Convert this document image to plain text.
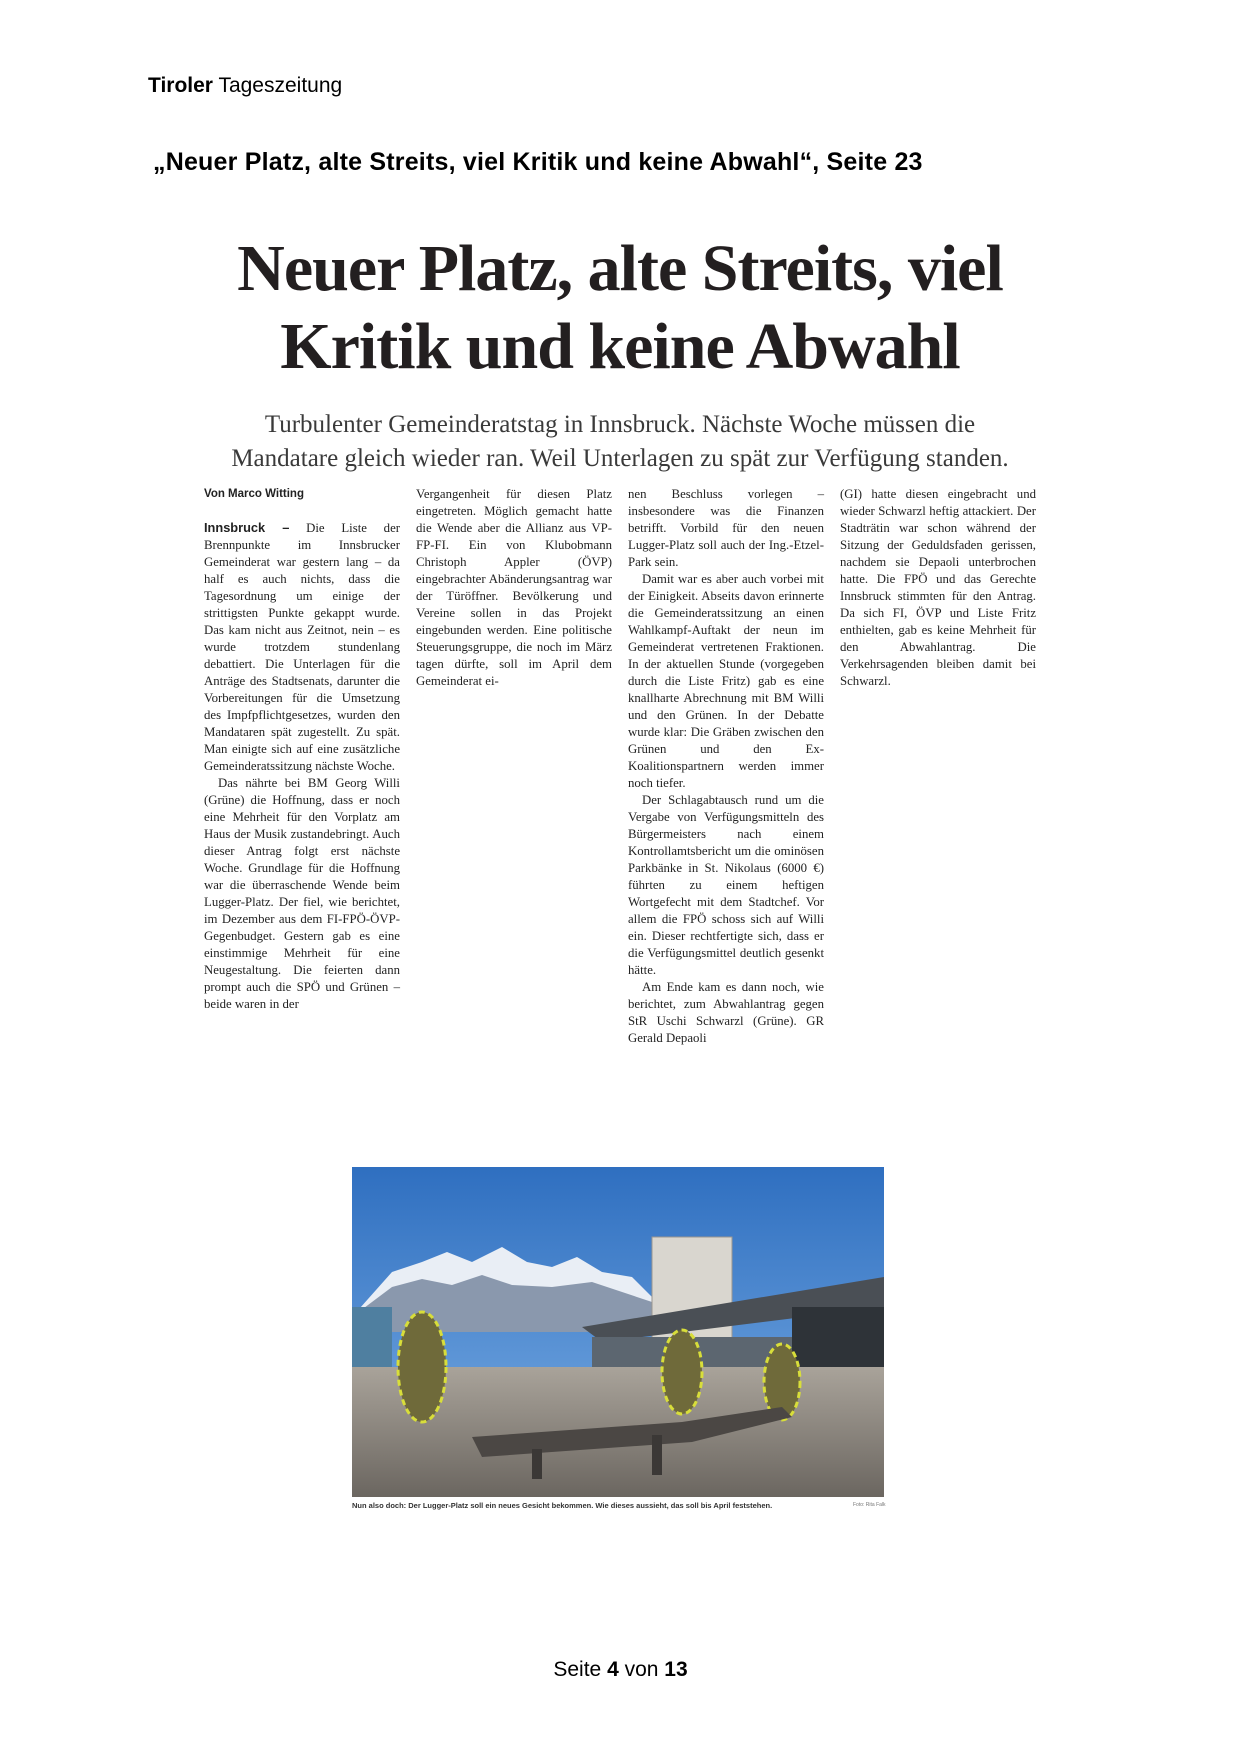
Tiroler Tageszeitung
„Neuer Platz, alte Streits, viel Kritik und keine Abwahl“, Seite 23
Neuer Platz, alte Streits, viel
Kritik und keine Abwahl

Turbulenter Gemeinderatstag in Innsbruck. Nächste Woche müssen die
Mandatare gleich wieder ran. Weil Unterlagen zu spät zur Verfügung standen.

Von Marco Witting

Innsbruck – Die Liste der Brennpunkte im Innsbrucker Gemeinderat war gestern lang – da half es auch nichts, dass die Tagesordnung um einige der strittigsten Punkte gekappt wurde. Das kam nicht aus Zeitnot, nein – es wurde trotzdem stundenlang debattiert. Die Unterlagen für die Anträge des Stadtsenats, darunter die Vorbereitungen für die Umsetzung des Impfpflichtgesetzes, wurden den Mandataren spät zugestellt. Zu spät. Man einigte sich auf eine zusätzliche Gemeinderatssitzung nächste Woche.

Das nährte bei BM Georg Willi (Grüne) die Hoffnung, dass er noch eine Mehrheit für den Vorplatz am Haus der Musik zustandebringt. Auch dieser Antrag folgt erst nächste Woche. Grundlage für die Hoffnung war die überraschende Wende beim Lugger-Platz. Der fiel, wie berichtet, im Dezember aus dem FI-FPÖ-ÖVP-Gegenbudget. Gestern gab es eine einstimmige Mehrheit für eine Neugestaltung. Die feierten dann prompt auch die SPÖ und Grünen – beide waren in der

Vergangenheit für diesen Platz eingetreten. Möglich gemacht hatte die Wende aber die Allianz aus VP-FP-FI. Ein von Klubobmann Christoph Appler (ÖVP) eingebrachter Abänderungsantrag war der Türöffner. Bevölkerung und Vereine sollen in das Projekt eingebunden werden. Eine politische Steuerungsgruppe, die noch im März tagen dürfte, soll im April dem Gemeinderat ei-

nen Beschluss vorlegen – insbesondere was die Finanzen betrifft. Vorbild für den neuen Lugger-Platz soll auch der Ing.-Etzel-Park sein.

Damit war es aber auch vorbei mit der Einigkeit. Abseits davon erinnerte die Gemeinderatssitzung an einen Wahlkampf-Auftakt der neun im Gemeinderat vertretenen Fraktionen. In der aktuellen Stunde (vorgegeben durch die Liste Fritz) gab es eine knallharte Abrechnung mit BM Willi und den Grünen. In der Debatte wurde klar: Die Gräben zwischen den Grünen und den Ex-Koalitionspartnern werden immer noch tiefer.

Der Schlagabtausch rund um die Vergabe von Verfügungsmitteln des Bürgermeisters nach einem Kontrollamtsbericht um die ominösen Parkbänke in St. Nikolaus (6000 €) führten zu einem heftigen Wortgefecht mit dem Stadtchef. Vor allem die FPÖ schoss sich auf Willi ein. Dieser rechtfertigte sich, dass er die Verfügungsmittel deutlich gesenkt hätte.

Am Ende kam es dann noch, wie berichtet, zum Abwahlantrag gegen StR Uschi Schwarzl (Grüne). GR Gerald Depaoli

(GI) hatte diesen eingebracht und wieder Schwarzl heftig attackiert. Der Stadträtin war schon während der Sitzung der Geduldsfaden gerissen, nachdem sie Depaoli unterbrochen hatte. Die FPÖ und das Gerechte Innsbruck stimmten für den Antrag. Da sich FI, ÖVP und Liste Fritz enthielten, gab es keine Mehrheit für den Abwahlantrag. Die Verkehrsagenden bleiben damit bei Schwarzl.

Nun also doch: Der Lugger-Platz soll ein neues Gesicht bekommen. Wie dieses aussieht, das soll bis April feststehen.	Foto: Rita Falk
Seite 4 von 13
